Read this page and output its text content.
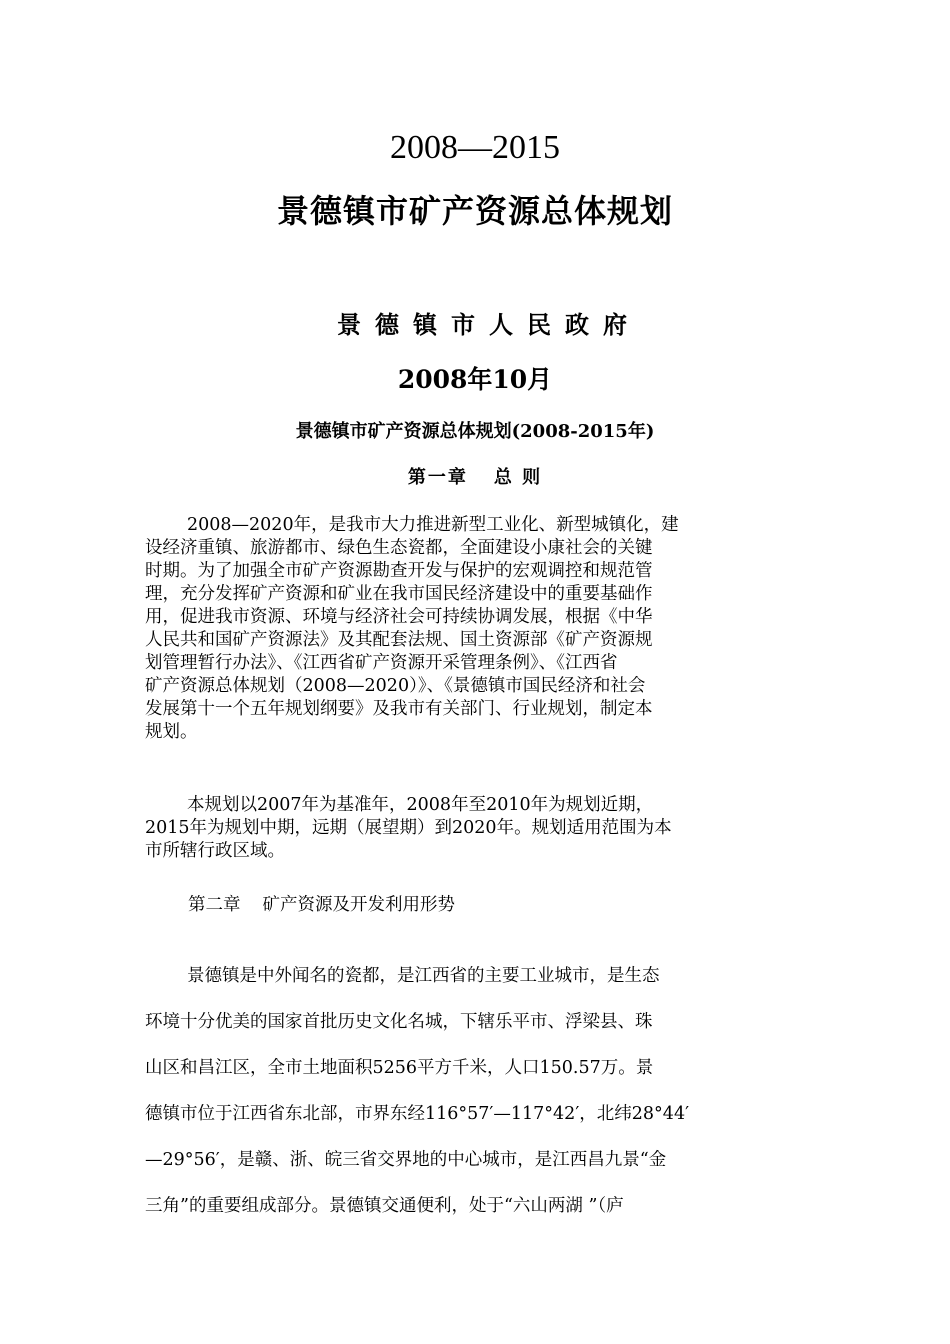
2008—2015
景德镇市矿产资源总体规划
景德镇市人民政府
2008年10月
景德镇市矿产资源总体规划(2008-2015年)
第一章 总 则
2008—2020年，是我市大力推进新型工业化、新型城镇化，建
设经济重镇、旅游都市、绿色生态瓷都，全面建设小康社会的关键
时期。为了加强全市矿产资源勘查开发与保护的宏观调控和规范管
理，充分发挥矿产资源和矿业在我市国民经济建设中的重要基础作
用，促进我市资源、环境与经济社会可持续协调发展，根据《中华
人民共和国矿产资源法》及其配套法规、国土资源部《矿产资源规
划管理暂行办法》、《江西省矿产资源开采管理条例》、《江西省
矿产资源总体规划（2008—2020）》、《景德镇市国民经济和社会
发展第十一个五年规划纲要》及我市有关部门、行业规划，制定本
规划。
本规划以2007年为基准年，2008年至2010年为规划近期，
2015年为规划中期，远期（展望期）到2020年。规划适用范围为本
市所辖行政区域。
第二章 矿产资源及开发利用形势
景德镇是中外闻名的瓷都，是江西省的主要工业城市，是生态
环境十分优美的国家首批历史文化名城，下辖乐平市、浮梁县、珠
山区和昌江区，全市土地面积5256平方千米，人口150.57万。景
德镇市位于江西省东北部，市界东经116°57′—117°42′，北纬28°44′
—29°56′，是赣、浙、皖三省交界地的中心城市，是江西昌九景“金
三角”的重要组成部分。景德镇交通便利，处于“六山两湖 ”（庐
